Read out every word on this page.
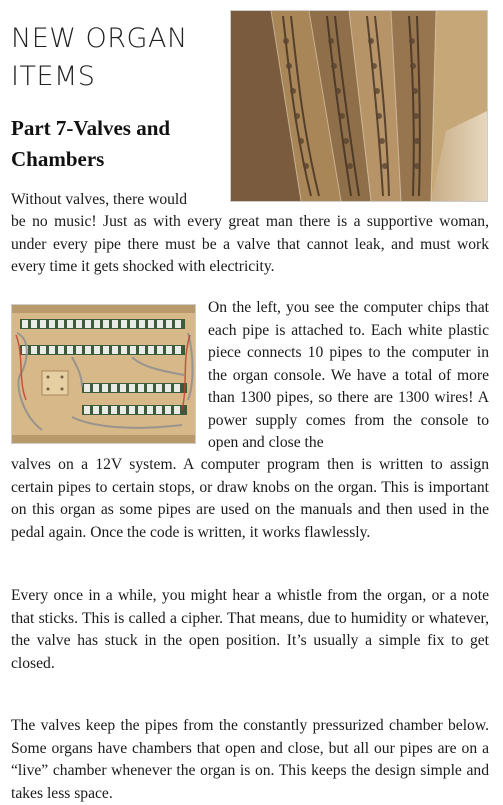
NEW ORGAN ITEMS
Part 7-Valves and Chambers
Without valves, there would
be no music! Just as with every great man there is a supportive woman, under every pipe there must be a valve that cannot leak, and must work every time it gets shocked with electricity.
On the left, you see the computer chips that each pipe is attached to. Each white plastic piece connects 10 pipes to the computer in the organ console. We have a total of more than 1300 pipes, so there are 1300 wires! A power supply comes from the console to open and close the
valves on a 12V system. A computer program then is written to assign certain pipes to certain stops, or draw knobs on the organ. This is important on this organ as some pipes are used on the manuals and then used in the pedal again. Once the code is written, it works flawlessly.
Every once in a while, you might hear a whistle from the organ, or a note that sticks. This is called a cipher. That means, due to humidity or whatever, the valve has stuck in the open position. It’s usually a simple fix to get closed.
The valves keep the pipes from the constantly pressurized chamber below. Some organs have chambers that open and close, but all our pipes are on a “live” chamber whenever the organ is on. This keeps the design simple and takes less space.
